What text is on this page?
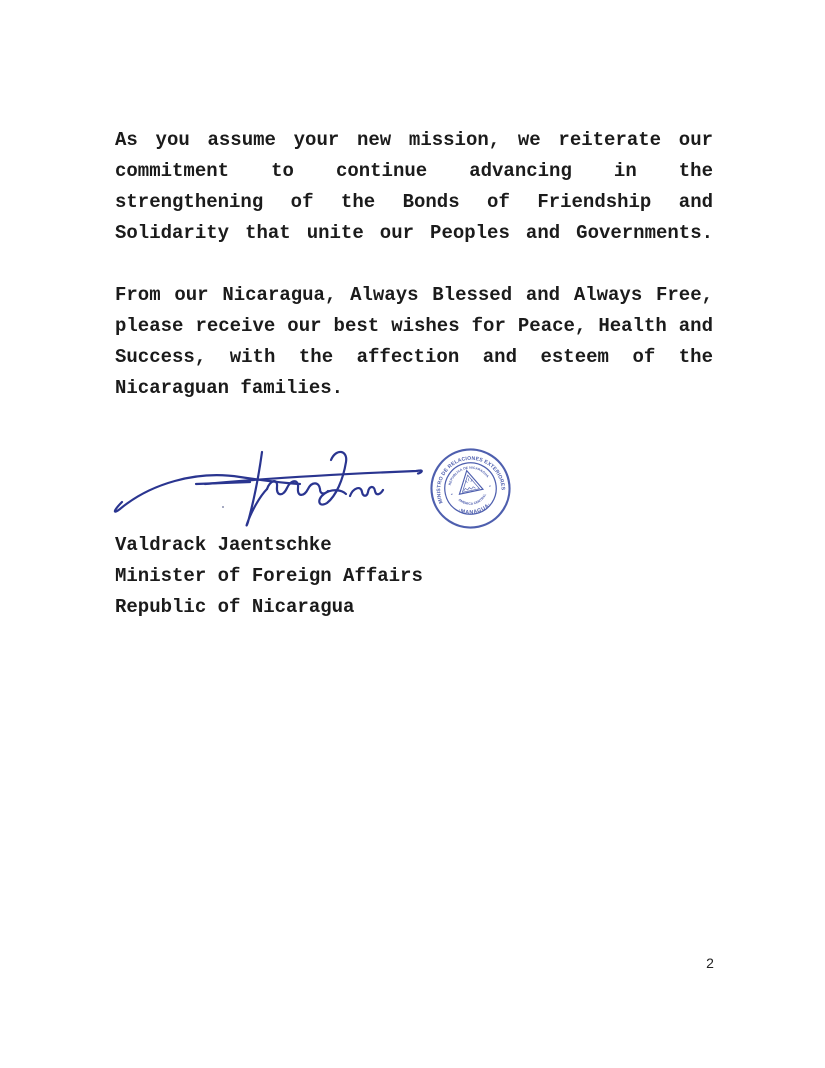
As you assume your new mission, we reiterate our
commitment to continue advancing in the
strengthening of the Bonds of Friendship and
Solidarity that unite our Peoples and Governments.
From our Nicaragua, Always Blessed and Always Free,
please receive our best wishes for Peace, Health and
Success, with the affection and esteem of the
Nicaraguan families.
MINISTRO DE RELACIONES EXTERIORES
·MANAGUA·
REPUBLICA DE NICARAGUA
AMERICA CENTRAL
Valdrack Jaentschke
Minister of Foreign Affairs
Republic of Nicaragua
2
